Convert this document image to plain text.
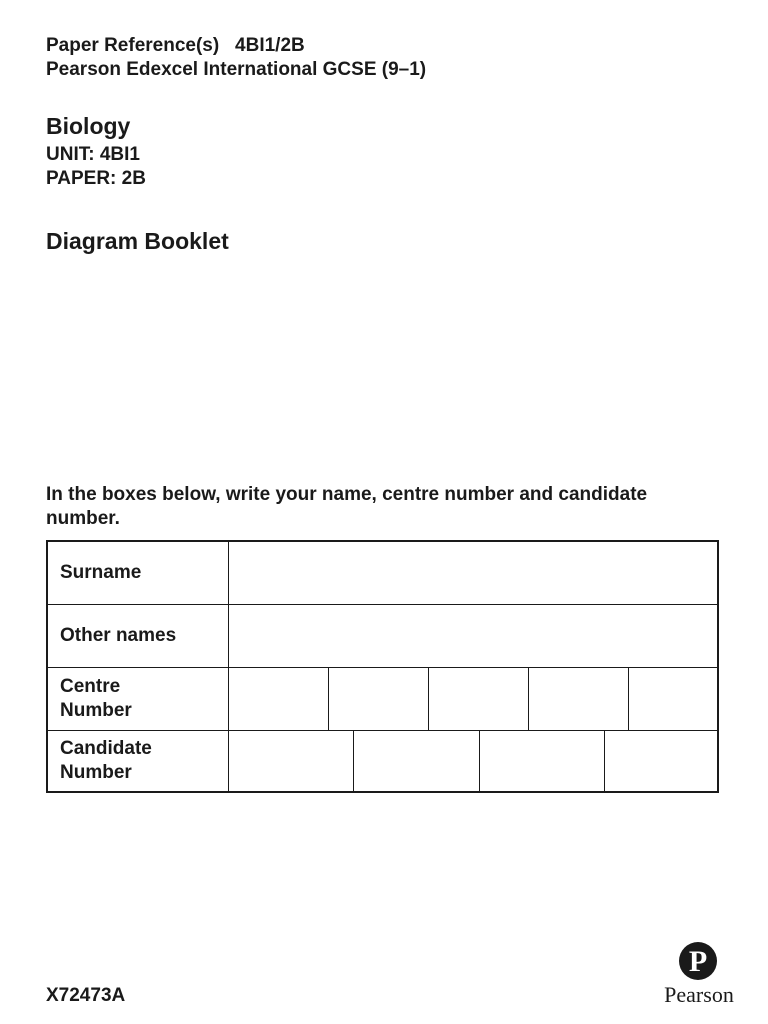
Paper Reference(s) 4BI1/2B
Pearson Edexcel International GCSE (9–1)
Biology
UNIT: 4BI1
PAPER: 2B
Diagram Booklet
In the boxes below, write your name, centre number and candidate number.
Surname
Other names
Centre
Number
Candidate
Number
X72473A
P
Pearson
